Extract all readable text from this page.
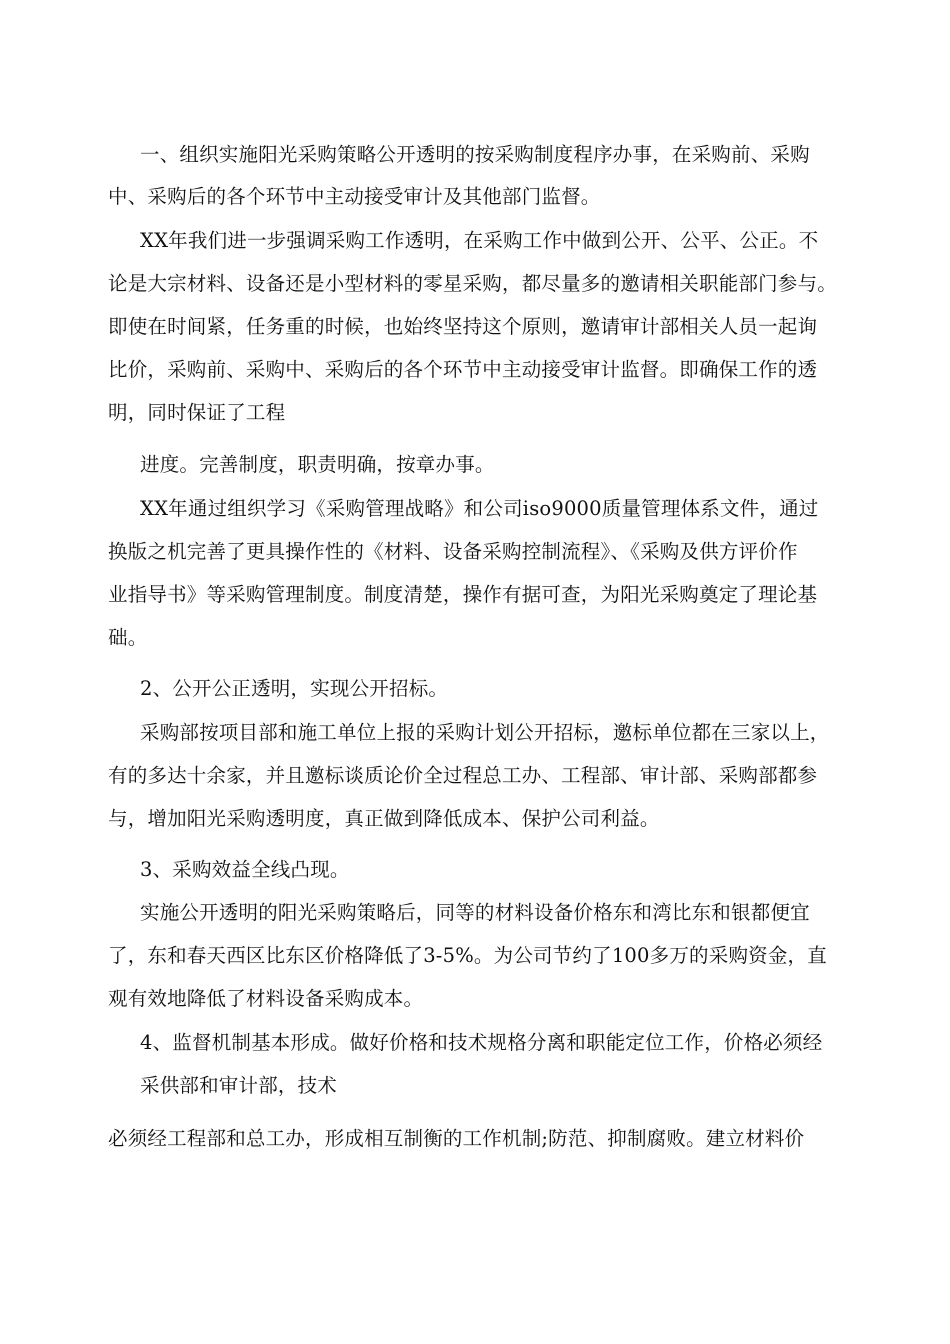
一、组织实施阳光采购策略公开透明的按采购制度程序办事，在采购前、采购
中、采购后的各个环节中主动接受审计及其他部门监督。
XX年我们进一步强调采购工作透明，在采购工作中做到公开、公平、公正。不
论是大宗材料、设备还是小型材料的零星采购，都尽量多的邀请相关职能部门参与。
即使在时间紧，任务重的时候，也始终坚持这个原则，邀请审计部相关人员一起询
比价，采购前、采购中、采购后的各个环节中主动接受审计监督。即确保工作的透
明，同时保证了工程
进度。完善制度，职责明确，按章办事。
XX年通过组织学习《采购管理战略》和公司iso9000质量管理体系文件，通过
换版之机完善了更具操作性的《材料、设备采购控制流程》、《采购及供方评价作
业指导书》等采购管理制度。制度清楚，操作有据可查，为阳光采购奠定了理论基
础。
2、公开公正透明，实现公开招标。
采购部按项目部和施工单位上报的采购计划公开招标，邀标单位都在三家以上，
有的多达十余家，并且邀标谈质论价全过程总工办、工程部、审计部、采购部都参
与，增加阳光采购透明度，真正做到降低成本、保护公司利益。
3、采购效益全线凸现。
实施公开透明的阳光采购策略后，同等的材料设备价格东和湾比东和银都便宜
了，东和春天西区比东区价格降低了3-5%。为公司节约了100多万的采购资金，直
观有效地降低了材料设备采购成本。
4、监督机制基本形成。做好价格和技术规格分离和职能定位工作，价格必须经
采供部和审计部，技术
必须经工程部和总工办，形成相互制衡的工作机制;防范、抑制腐败。建立材料价
